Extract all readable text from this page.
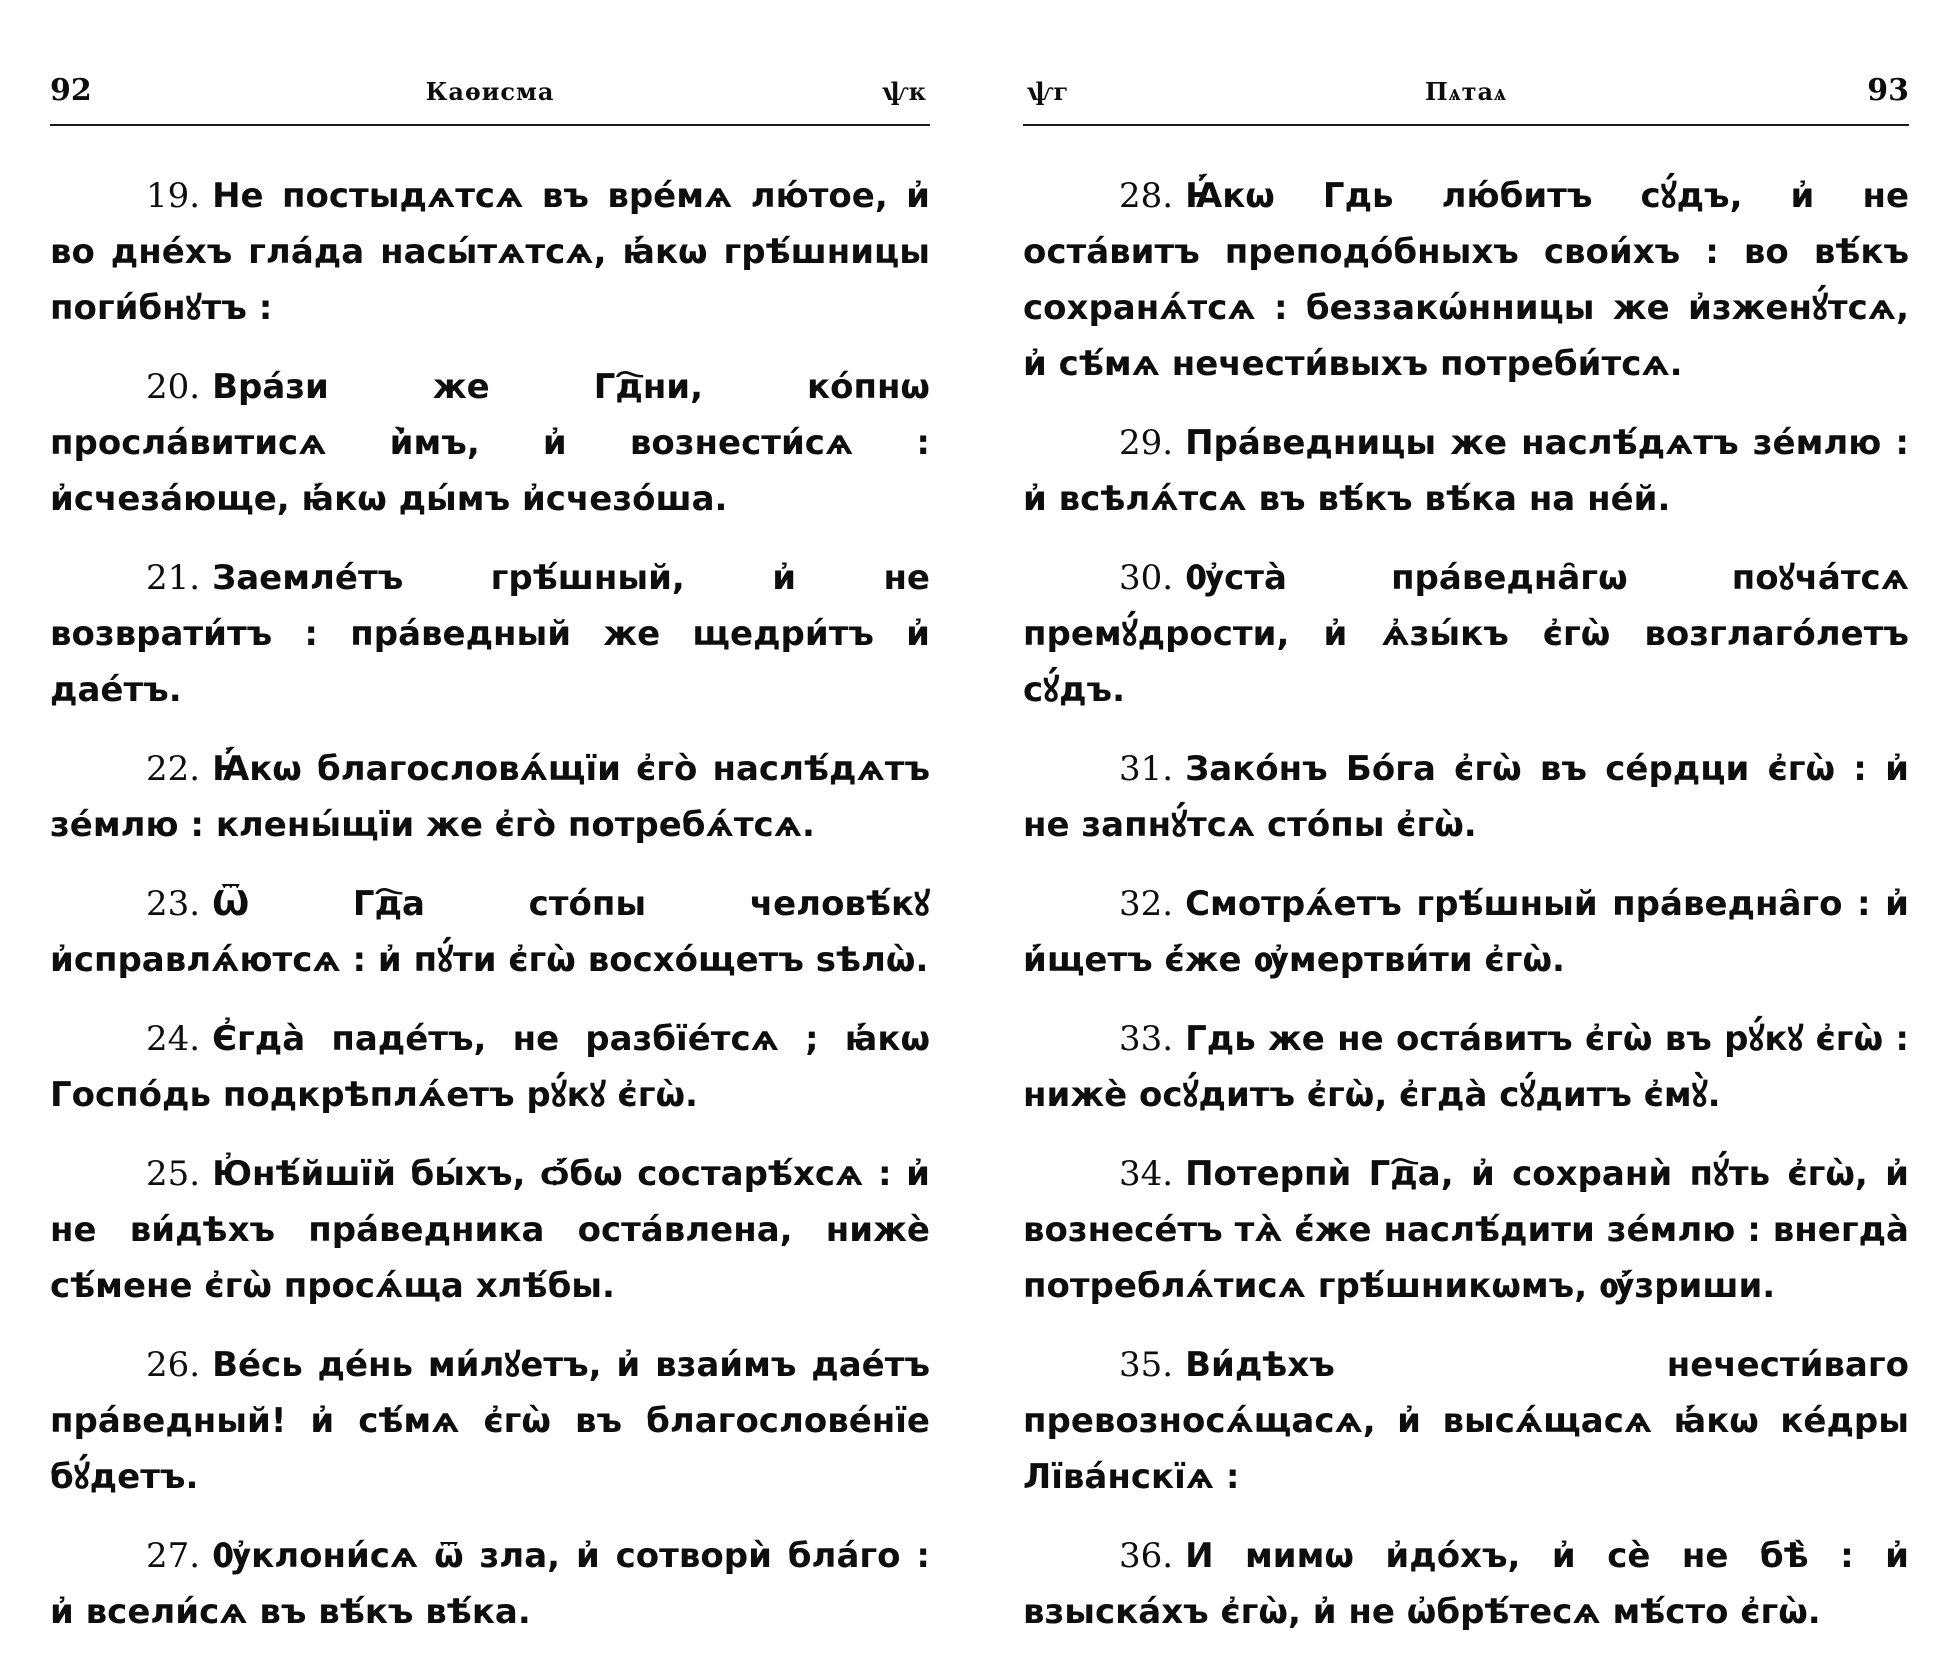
92	Каѳисма	ѱк

19. Не постыдѧтсѧ въ вре́мѧ лю́тое, и҆ во дне́хъ гла́да насы́тѧтсѧ, ꙗ҆́кѡ грѣ́шницы поги́бнꙋтъ :

20. Вра́зи же Гд҇ни, ко́пнѡ просла́витисѧ и҆̀мъ, и҆ вознести́сѧ : и҆счеза́юще, ꙗ҆́кѡ ды́мъ и҆счезо́ша.

21. Заемле́тъ грѣ́шный, и҆ не возврати́тъ : пра́ведный же щедри́тъ и҆ дае́тъ.

22. Ꙗ҆́кѡ благословѧ́щїи є҆го̀ наслѣ́дѧтъ зе́млю : клены́щїи же є҆го̀ потребѧ́тсѧ.

23. Ѿ Гд҇а сто́пы человѣ́кꙋ и҆справлѧ́ютсѧ : и҆ пꙋ́ти є҆гѡ̀ восхо́щетъ ѕѣлѡ̀.

24. Є҆гда̀ паде́тъ, не разбїе́тсѧ ; ꙗ҆́кѡ Госпо́дь подкрѣплѧ́етъ рꙋ́кꙋ є҆гѡ̀.

25. Ю҆нѣ́йшїй бы́хъ, ѻ҆́бѡ состарѣ́хсѧ : и҆ не ви́дѣхъ пра́ведника оста́влена, нижѐ сѣ́мене є҆гѡ̀ просѧ́ща хлѣ́бы.

26. Ве́сь де́нь ми́лꙋетъ, и҆ взаи́мъ дае́тъ пра́ведный! и҆ сѣ́мѧ є҆гѡ̀ въ благослове́нїе бꙋ́детъ.

27. Ѹ҆клони́сѧ ѿ зла, и҆ сотворѝ бла́го : и҆ всели́сѧ въ вѣ́къ вѣ́ка.

ѱг	Пѧтаѧ	93

28. Ꙗ҆́кѡ Гдь лю́битъ сꙋ́дъ, и҆ не оста́витъ преподо́бныхъ свои́хъ : во вѣ́къ сохранѧ́тсѧ : беззакѡ́нницы же и҆зженꙋ́тсѧ, и҆ сѣ́мѧ нечести́выхъ потреби́тсѧ.

29. Пра́ведницы же наслѣ́дѧтъ зе́млю : и҆ всѣлѧ́тсѧ въ вѣ́къ вѣ́ка на не́й.

30. Ѹ҆ста̀ пра́ведна̑гѡ поꙋча́тсѧ премꙋ́дрости, и҆ ѧ҆зы́къ є҆гѡ̀ возглаго́летъ сꙋ́дъ.

31. Зако́нъ Бо́га є҆гѡ̀ въ се́рдци є҆гѡ̀ : и҆ не запнꙋ́тсѧ сто́пы є҆гѡ̀.

32. Смотрѧ́етъ грѣ́шный пра́ведна̑го : и҆ и҆́щетъ є҆́же ѹ҆мертви́ти є҆гѡ̀.

33. Гдь же не оста́витъ є҆гѡ̀ въ рꙋ́кꙋ є҆гѡ̀ : нижѐ осꙋ́дитъ є҆гѡ̀, є҆гда̀ сꙋ́дитъ є҆мꙋ̀.

34. Потерпѝ Гд҇а, и҆ сохранѝ пꙋ́ть є҆гѡ̀, и҆ вознесе́тъ тѧ̀ є҆́же наслѣ́дити зе́млю : внегда̀ потреблѧ́тисѧ грѣ́шникѡмъ, ѹ҆́зриши.

35. Ви́дѣхъ нечести́ваго превозносѧ́щасѧ, и҆ высѧ́щасѧ ꙗ҆́кѡ ке́дры Лїва́нскїѧ :

36. И мимѡ и҆до́хъ, и҆ сѐ не бѣ̀ : и҆ взыска́хъ є҆гѡ̀, и҆ не ѡ҆брѣ́тесѧ мѣ́сто є҆гѡ̀.
